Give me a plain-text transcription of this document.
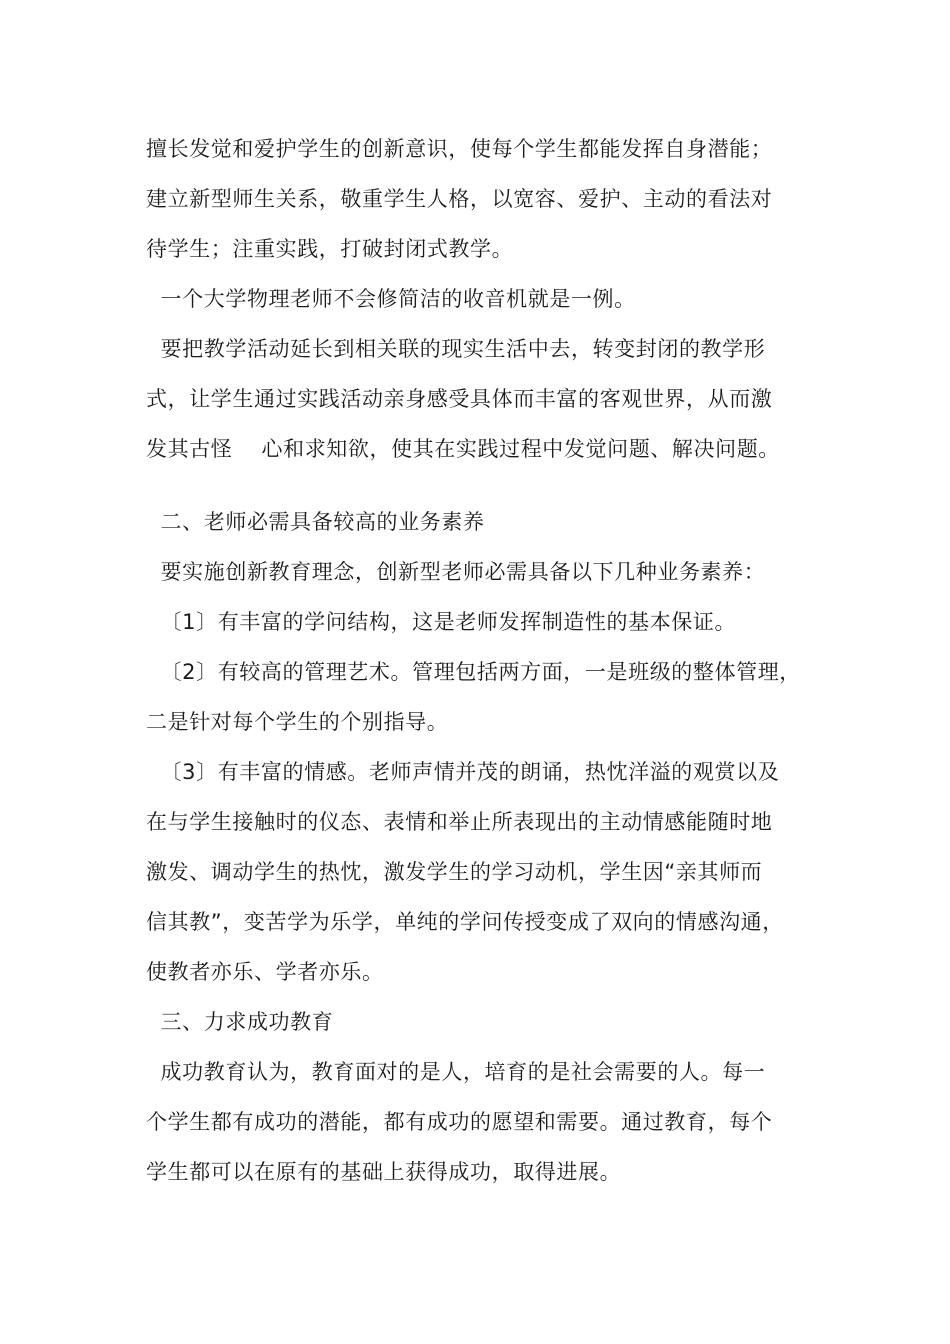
擅长发觉和爱护学生的创新意识，使每个学生都能发挥自身潜能；
建立新型师生关系，敬重学生人格，以宽容、爱护、主动的看法对
待学生；注重实践，打破封闭式教学。
一个大学物理老师不会修简洁的收音机就是一例。
要把教学活动延长到相关联的现实生活中去，转变封闭的教学形
式，让学生通过实践活动亲身感受具体而丰富的客观世界，从而激
发其古怪    心和求知欲，使其在实践过程中发觉问题、解决问题。
二、老师必需具备较高的业务素养
要实施创新教育理念，创新型老师必需具备以下几种业务素养：
〔1〕有丰富的学问结构，这是老师发挥制造性的基本保证。
〔2〕有较高的管理艺术。管理包括两方面，一是班级的整体管理，
二是针对每个学生的个别指导。
〔3〕有丰富的情感。老师声情并茂的朗诵，热忱洋溢的观赏以及
在与学生接触时的仪态、表情和举止所表现出的主动情感能随时地
激发、调动学生的热忱，激发学生的学习动机，学生因“亲其师而
信其教”，变苦学为乐学，单纯的学问传授变成了双向的情感沟通，
使教者亦乐、学者亦乐。
三、力求成功教育
成功教育认为，教育面对的是人，培育的是社会需要的人。每一
个学生都有成功的潜能，都有成功的愿望和需要。通过教育，每个
学生都可以在原有的基础上获得成功，取得进展。
